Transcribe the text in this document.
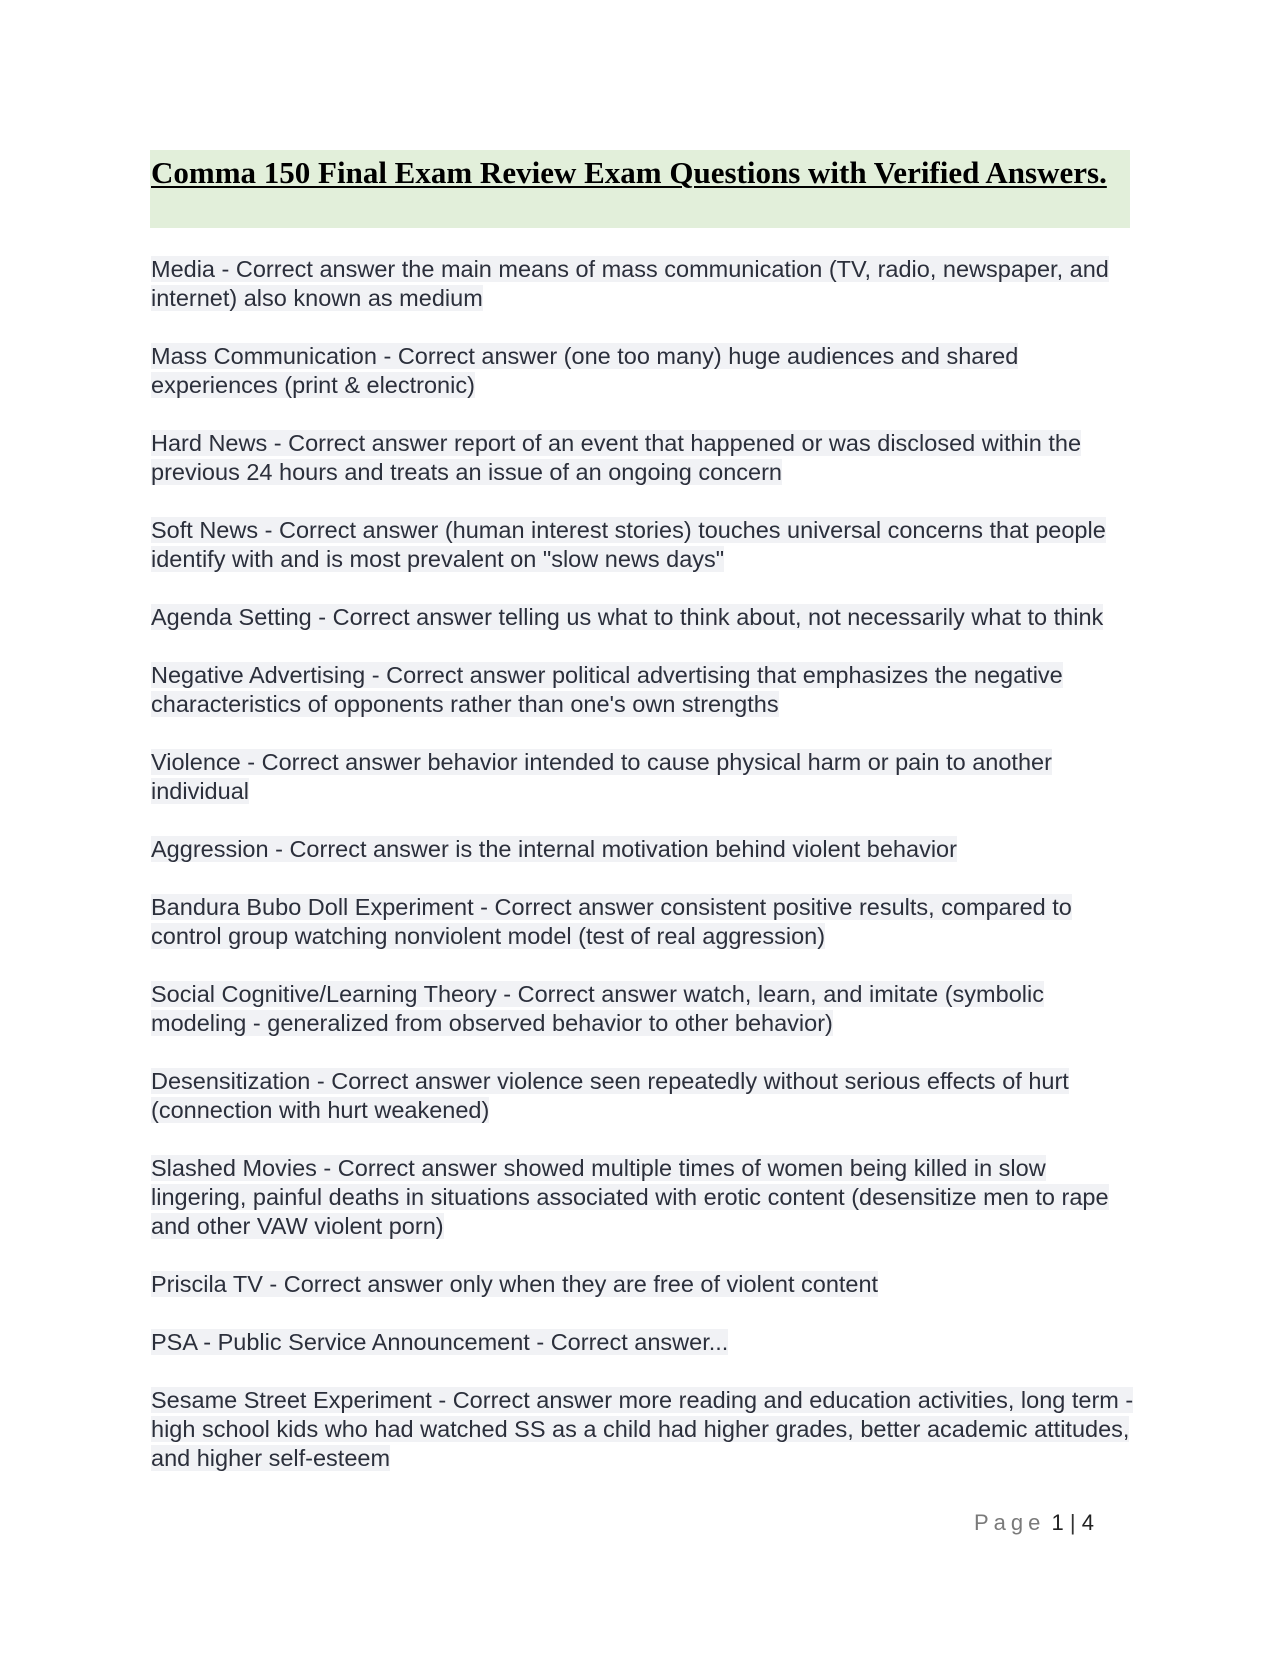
Comma 150 Final Exam Review Exam Questions with Verified Answers.

Media - Correct answer the main means of mass communication (TV, radio, newspaper, and internet) also known as medium

Mass Communication - Correct answer (one too many) huge audiences and shared experiences (print & electronic)

Hard News - Correct answer report of an event that happened or was disclosed within the previous 24 hours and treats an issue of an ongoing concern

Soft News - Correct answer (human interest stories) touches universal concerns that people identify with and is most prevalent on "slow news days"

Agenda Setting - Correct answer telling us what to think about, not necessarily what to think

Negative Advertising - Correct answer political advertising that emphasizes the negative characteristics of opponents rather than one's own strengths

Violence - Correct answer behavior intended to cause physical harm or pain to another individual

Aggression - Correct answer is the internal motivation behind violent behavior

Bandura Bubo Doll Experiment - Correct answer consistent positive results, compared to control group watching nonviolent model (test of real aggression)

Social Cognitive/Learning Theory - Correct answer watch, learn, and imitate (symbolic modeling - generalized from observed behavior to other behavior)

Desensitization - Correct answer violence seen repeatedly without serious effects of hurt (connection with hurt weakened)

Slashed Movies - Correct answer showed multiple times of women being killed in slow lingering, painful deaths in situations associated with erotic content (desensitize men to rape and other VAW violent porn)

Priscila TV - Correct answer only when they are free of violent content

PSA - Public Service Announcement - Correct answer...

Sesame Street Experiment - Correct answer more reading and education activities, long term - high school kids who had watched SS as a child had higher grades, better academic attitudes, and higher self-esteem

Page 1 | 4
